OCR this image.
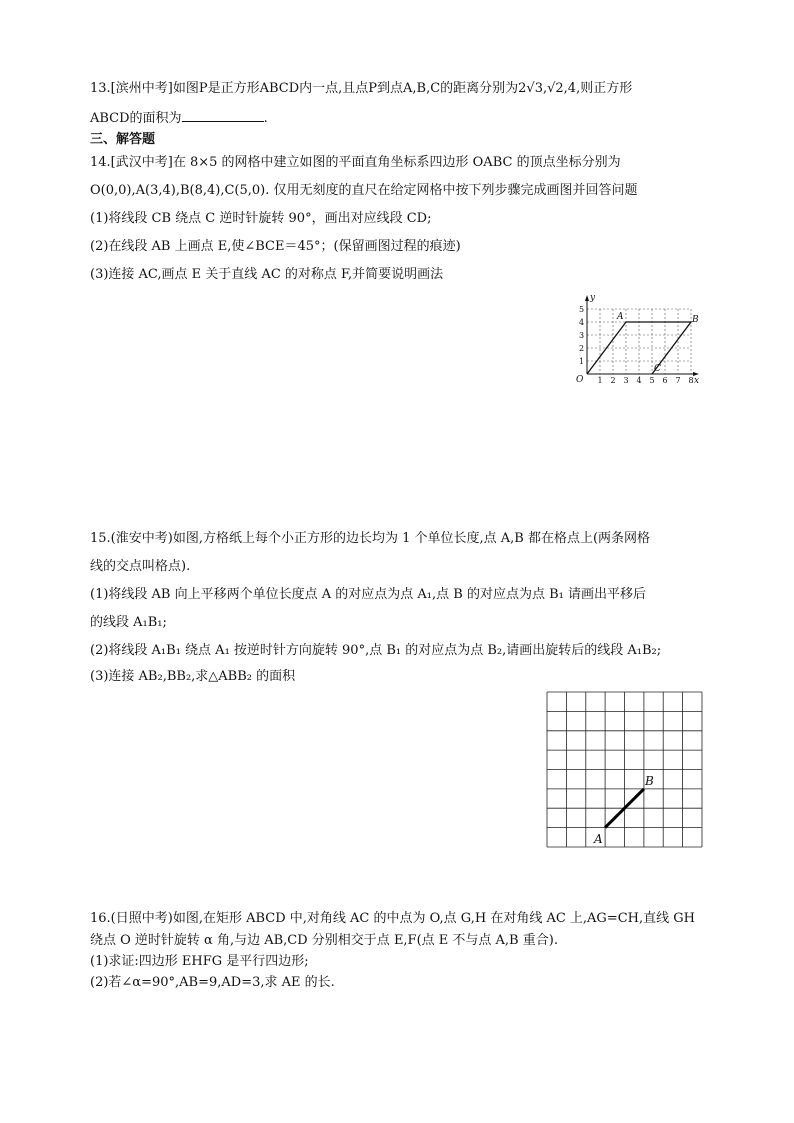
13.[滨州中考]如图P是正方形ABCD内一点,且点P到点A,B,C的距离分别为2√3,√2,4,则正方形
ABCD的面积为	.
三、解答题
14.[武汉中考]在 8×5 的网格中建立如图的平面直角坐标系四边形 OABC 的顶点坐标分别为
O(0,0),A(3,4),B(8,4),C(5,0). 仅用无刻度的直尺在给定网格中按下列步骤完成画图并回答问题
(1)将线段 CB 绕点 C 逆时针旋转 90°，画出对应线段 CD;
(2)在线段 AB 上画点 E,使∠BCE＝45°；(保留画图过程的痕迹)
(3)连接 AC,画点 E 关于直线 AC 的对称点 F,并简要说明画法
1 2 3 4 5 6 7 8
1
2
3
4
5
O	x
y
A	B
C
15.(淮安中考)如图,方格纸上每个小正方形的边长均为 1 个单位长度,点 A,B 都在格点上(两条网格
线的交点叫格点).
(1)将线段 AB 向上平移两个单位长度点 A 的对应点为点 A₁,点 B 的对应点为点 B₁ 请画出平移后
的线段 A₁B₁;
(2)将线段 A₁B₁ 绕点 A₁ 按逆时针方向旋转 90°,点 B₁ 的对应点为点 B₂,请画出旋转后的线段 A₁B₂;
(3)连接 AB₂,BB₂,求△ABB₂ 的面积
A
B
16.(日照中考)如图,在矩形 ABCD 中,对角线 AC 的中点为 O,点 G,H 在对角线 AC 上,AG=CH,直线 GH
绕点 O 逆时针旋转 α 角,与边 AB,CD 分别相交于点 E,F(点 E 不与点 A,B 重合).
(1)求证:四边形 EHFG 是平行四边形;
(2)若∠α=90°,AB=9,AD=3,求 AE 的长.
